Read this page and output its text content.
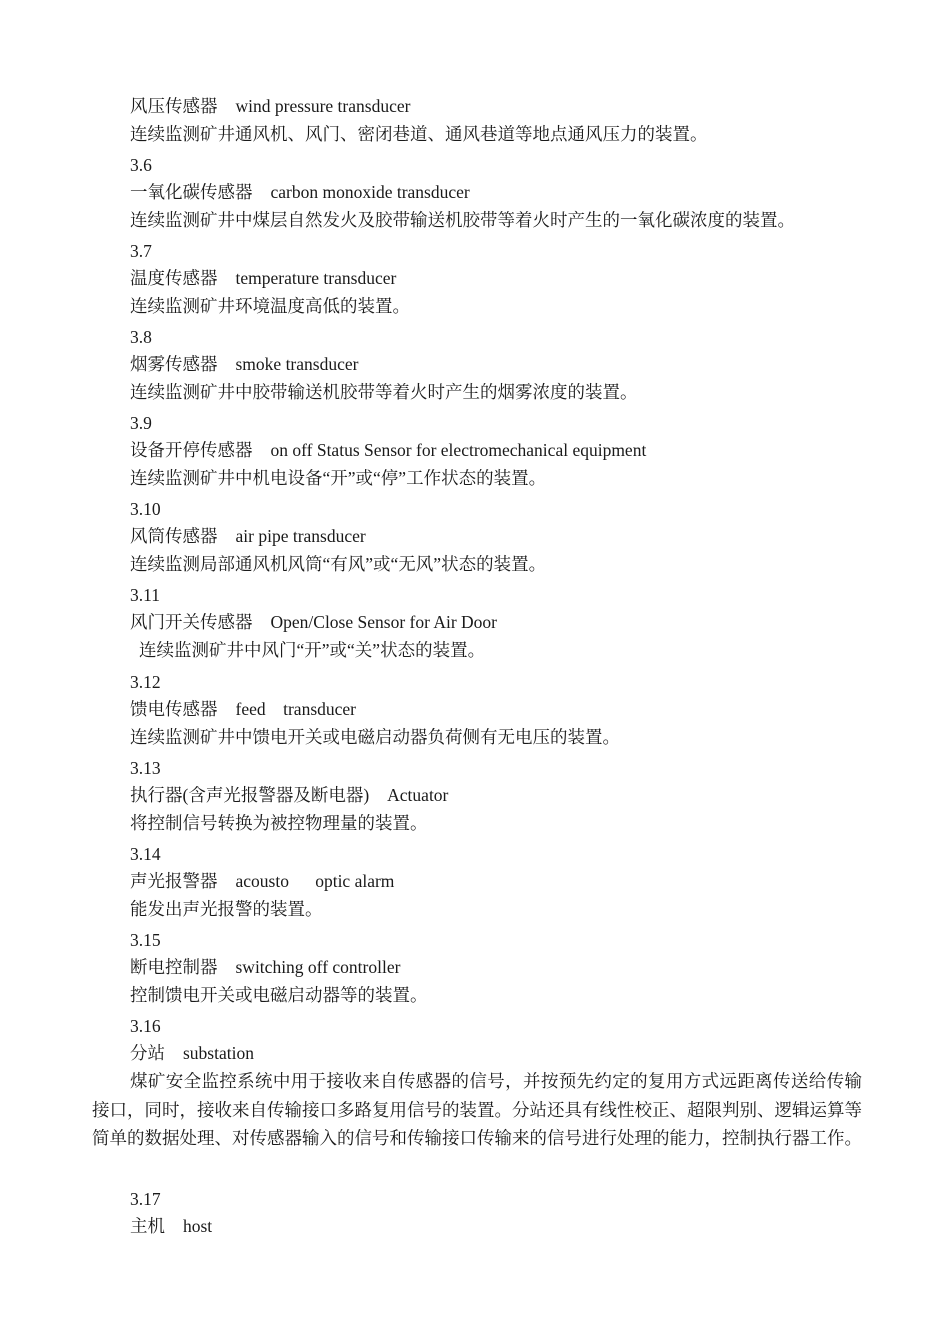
风压传感器 wind pressure transducer
连续监测矿井通风机、风门、密闭巷道、通风巷道等地点通风压力的装置。
3.6
一氧化碳传感器 carbon monoxide transducer
连续监测矿井中煤层自然发火及胶带输送机胶带等着火时产生的一氧化碳浓度的装置。
3.7
温度传感器 temperature transducer
连续监测矿井环境温度高低的装置。
3.8
烟雾传感器 smoke transducer
连续监测矿井中胶带输送机胶带等着火时产生的烟雾浓度的装置。
3.9
设备开停传感器 on off Status Sensor for electromechanical equipment
连续监测矿井中机电设备“开”或“停”工作状态的装置。
3.10
风筒传感器 air pipe transducer
连续监测局部通风机风筒“有风”或“无风”状态的装置。
3.11
风门开关传感器 Open/Close Sensor for Air Door
连续监测矿井中风门“开”或“关”状态的装置。
3.12
馈电传感器 feed    transducer
连续监测矿井中馈电开关或电磁启动器负荷侧有无电压的装置。
3.13
执行器(含声光报警器及断电器) Actuator
将控制信号转换为被控物理量的装置。
3.14
声光报警器 acousto      optic alarm
能发出声光报警的装置。
3.15
断电控制器 switching off controller
控制馈电开关或电磁启动器等的装置。
3.16
分站 substation
煤矿安全监控系统中用于接收来自传感器的信号，并按预先约定的复用方式远距离传送给传输接口，同时，接收来自传输接口多路复用信号的装置。分站还具有线性校正、超限判别、逻辑运算等简单的数据处理、对传感器输入的信号和传输接口传输来的信号进行处理的能力，控制执行器工作。
3.17
主机 host
